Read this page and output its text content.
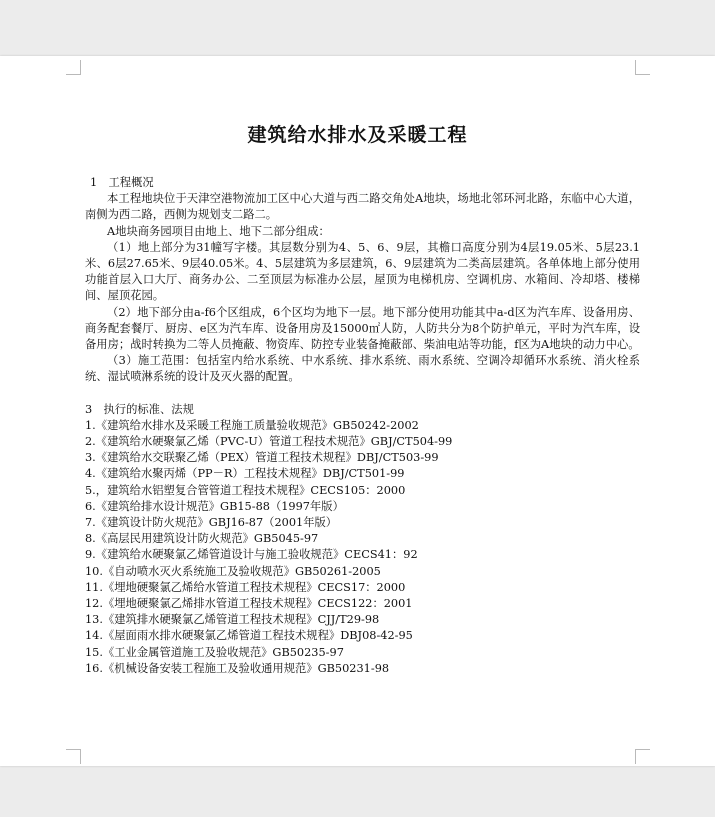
建筑给水排水及采暖工程

1　工程概况

本工程地块位于天津空港物流加工区中心大道与西二路交角处A地块，场地北邻环河北路，东临中心大道，南侧为西二路，西侧为规划支二路二。

A地块商务园项目由地上、地下二部分组成：

（1）地上部分为31幢写字楼。其层数分别为4、5、6、9层，其檐口高度分别为4层19.05米、5层23.1米、6层27.65米、9层40.05米。4、5层建筑为多层建筑，6、9层建筑为二类高层建筑。各单体地上部分使用功能首层入口大厅、商务办公、二至顶层为标准办公层，屋顶为电梯机房、空调机房、水箱间、冷却塔、楼梯间、屋顶花园。

（2）地下部分由a-f6个区组成，6个区均为地下一层。地下部分使用功能其中a-d区为汽车库、设备用房、商务配套餐厅、厨房、e区为汽车库、设备用房及15000㎡人防，人防共分为8个防护单元，平时为汽车库，设备用房；战时转换为二等人员掩蔽、物资库、防控专业装备掩蔽部、柴油电站等功能，f区为A地块的动力中心。

（3）施工范围：包括室内给水系统、中水系统、排水系统、雨水系统、空调冷却循环水系统、消火栓系统、湿试喷淋系统的设计及灭火器的配置。

3　执行的标准、法规

1.《建筑给水排水及采暖工程施工质量验收规范》GB50242-2002
2.《建筑给水硬聚氯乙烯（PVC-U）管道工程技术规范》GBJ/CT504-99
3.《建筑给水交联聚乙烯（PEX）管道工程技术规程》DBJ/CT503-99
4.《建筑给水聚丙烯（PP－R）工程技术规程》DBJ/CT501-99
5.，建筑给水铝塑复合管管道工程技术规程》CECS105：2000
6.《建筑给排水设计规范》GB15-88（1997年版）
7.《建筑设计防火规范》GBJ16-87（2001年版）
8.《高层民用建筑设计防火规范》GB5045-97
9.《建筑给水硬聚氯乙烯管道设计与施工验收规范》CECS41：92
10.《自动喷水灭火系统施工及验收规范》GB50261-2005
11.《埋地硬聚氯乙烯给水管道工程技术规程》CECS17：2000
12.《埋地硬聚氯乙烯排水管道工程技术规程》CECS122：2001
13.《建筑排水硬聚氯乙烯管道工程技术规程》CJJ/T29-98
14.《屋面雨水排水硬聚氯乙烯管道工程技术规程》DBJ08-42-95
15.《工业金属管道施工及验收规范》GB50235-97
16.《机械设备安装工程施工及验收通用规范》GB50231-98
